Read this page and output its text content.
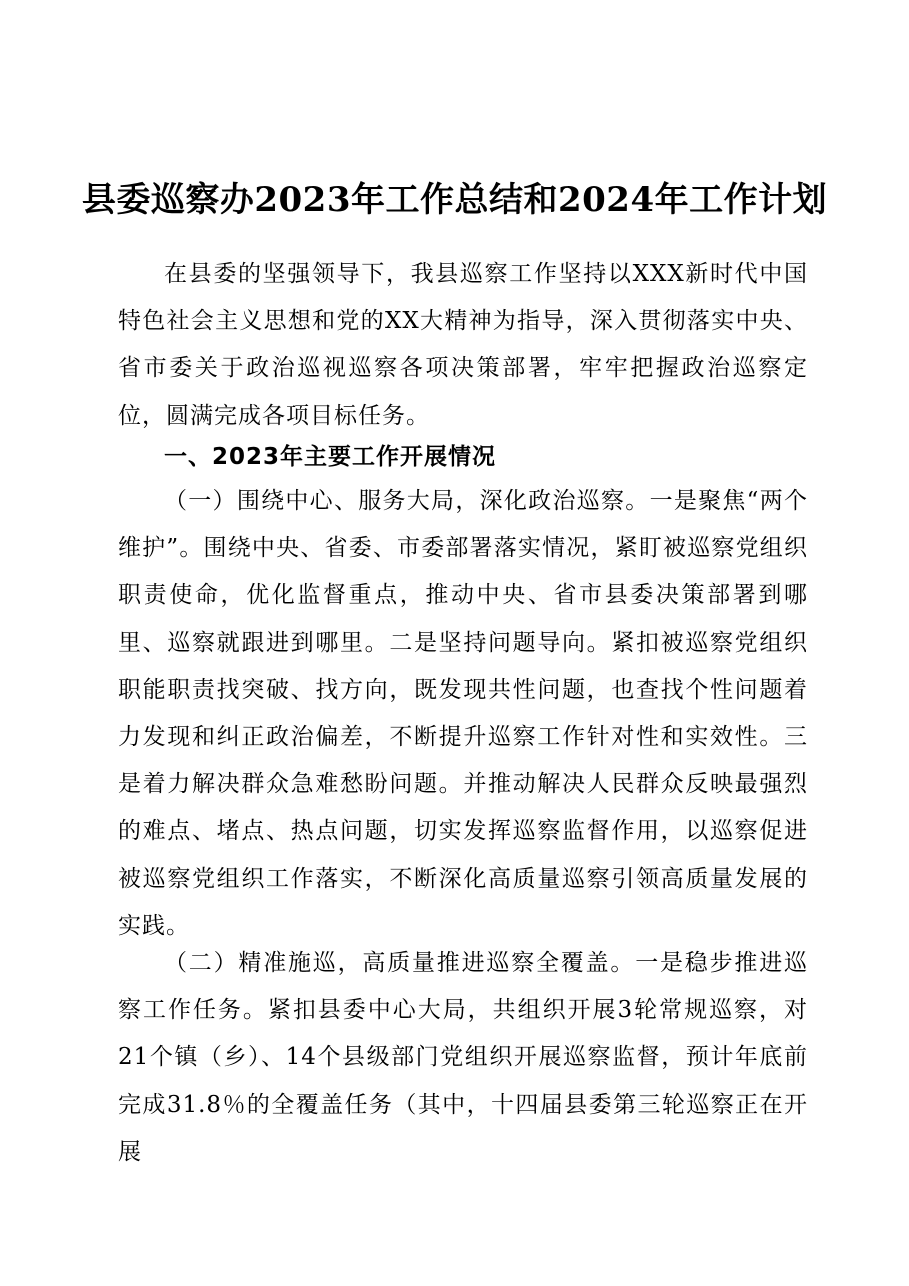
县委巡察办2023年工作总结和2024年工作计划

在县委的坚强领导下，我县巡察工作坚持以XXX新时代中国特色社会主义思想和党的XX大精神为指导，深入贯彻落实中央、省市委关于政治巡视巡察各项决策部署，牢牢把握政治巡察定位，圆满完成各项目标任务。

一、2023年主要工作开展情况

（一）围绕中心、服务大局，深化政治巡察。一是聚焦“两个维护”。围绕中央、省委、市委部署落实情况，紧盯被巡察党组织职责使命，优化监督重点，推动中央、省市县委决策部署到哪里、巡察就跟进到哪里。二是坚持问题导向。紧扣被巡察党组织职能职责找突破、找方向，既发现共性问题，也查找个性问题着力发现和纠正政治偏差，不断提升巡察工作针对性和实效性。三是着力解决群众急难愁盼问题。并推动解决人民群众反映最强烈的难点、堵点、热点问题，切实发挥巡察监督作用，以巡察促进被巡察党组织工作落实，不断深化高质量巡察引领高质量发展的实践。

（二）精准施巡，高质量推进巡察全覆盖。一是稳步推进巡察工作任务。紧扣县委中心大局，共组织开展3轮常规巡察，对21个镇（乡）、14个县级部门党组织开展巡察监督，预计年底前完成31.8％的全覆盖任务（其中，十四届县委第三轮巡察正在开展
